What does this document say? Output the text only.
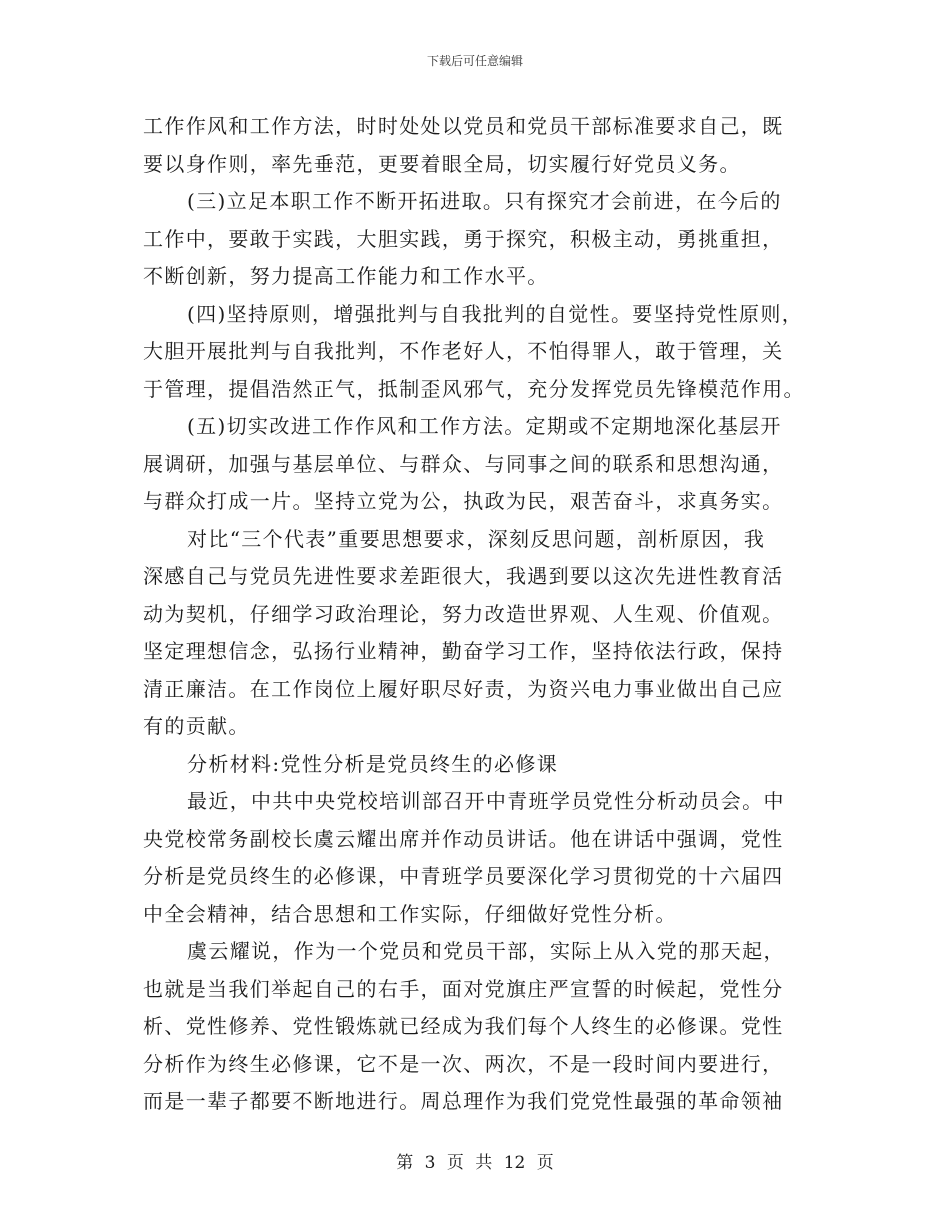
下载后可任意编辑
工作作风和工作方法，时时处处以党员和党员干部标准要求自己，既
要以身作则，率先垂范，更要着眼全局，切实履行好党员义务。
(三)立足本职工作不断开拓进取。只有探究才会前进，在今后的
工作中，要敢于实践，大胆实践，勇于探究，积极主动，勇挑重担，
不断创新，努力提高工作能力和工作水平。
(四)坚持原则，增强批判与自我批判的自觉性。要坚持党性原则，
大胆开展批判与自我批判，不作老好人，不怕得罪人，敢于管理，关
于管理，提倡浩然正气，抵制歪风邪气，充分发挥党员先锋模范作用。
(五)切实改进工作作风和工作方法。定期或不定期地深化基层开
展调研，加强与基层单位、与群众、与同事之间的联系和思想沟通，
与群众打成一片。坚持立党为公，执政为民，艰苦奋斗，求真务实。
对比“三个代表”重要思想要求，深刻反思问题，剖析原因，我
深感自己与党员先进性要求差距很大，我遇到要以这次先进性教育活
动为契机，仔细学习政治理论，努力改造世界观、人生观、价值观。
坚定理想信念，弘扬行业精神，勤奋学习工作，坚持依法行政，保持
清正廉洁。在工作岗位上履好职尽好责，为资兴电力事业做出自己应
有的贡献。
分析材料:党性分析是党员终生的必修课
最近，中共中央党校培训部召开中青班学员党性分析动员会。中
央党校常务副校长虞云耀出席并作动员讲话。他在讲话中强调，党性
分析是党员终生的必修课，中青班学员要深化学习贯彻党的十六届四
中全会精神，结合思想和工作实际，仔细做好党性分析。
虞云耀说，作为一个党员和党员干部，实际上从入党的那天起，
也就是当我们举起自己的右手，面对党旗庄严宣誓的时候起，党性分
析、党性修养、党性锻炼就已经成为我们每个人终生的必修课。党性
分析作为终生必修课，它不是一次、两次，不是一段时间内要进行，
而是一辈子都要不断地进行。周总理作为我们党党性最强的革命领袖
第 3 页 共 12 页
